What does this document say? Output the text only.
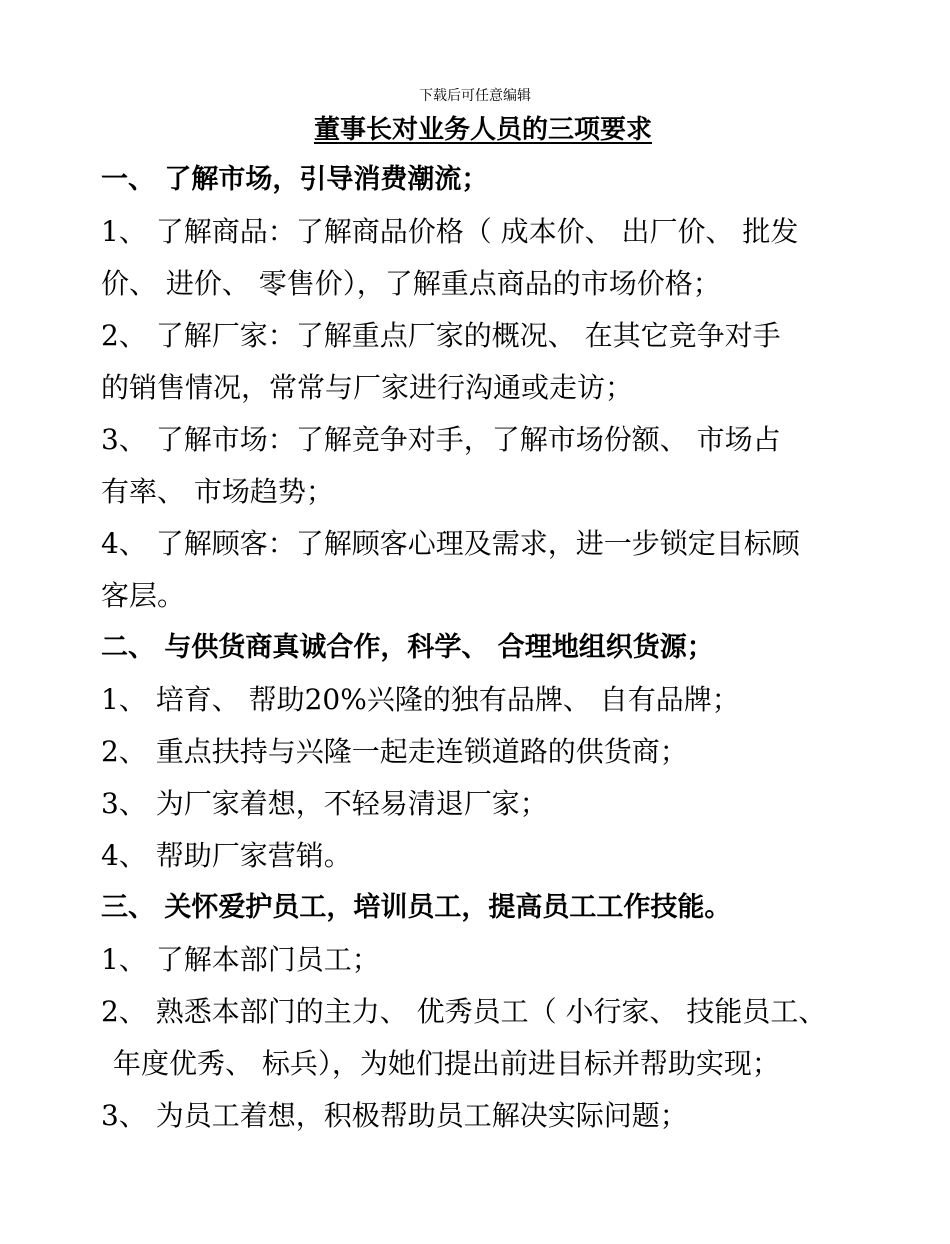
下载后可任意编辑
董事长对业务人员的三项要求
一、 了解市场，引导消费潮流；
1、 了解商品：了解商品价格（ 成本价、 出厂价、 批发
价、 进价、 零售价），了解重点商品的市场价格；
2、 了解厂家：了解重点厂家的概况、 在其它竞争对手
的销售情况，常常与厂家进行沟通或走访；
3、 了解市场：了解竞争对手，了解市场份额、 市场占
有率、 市场趋势；
4、 了解顾客：了解顾客心理及需求，进一步锁定目标顾
客层。
二、 与供货商真诚合作，科学、 合理地组织货源；
1、 培育、 帮助20%兴隆的独有品牌、 自有品牌；
2、 重点扶持与兴隆一起走连锁道路的供货商；
3、 为厂家着想，不轻易清退厂家；
4、 帮助厂家营销。
三、 关怀爱护员工，培训员工，提高员工工作技能。
1、 了解本部门员工；
2、 熟悉本部门的主力、 优秀员工（ 小行家、 技能员工、
年度优秀、 标兵），为她们提出前进目标并帮助实现；
3、 为员工着想，积极帮助员工解决实际问题；
